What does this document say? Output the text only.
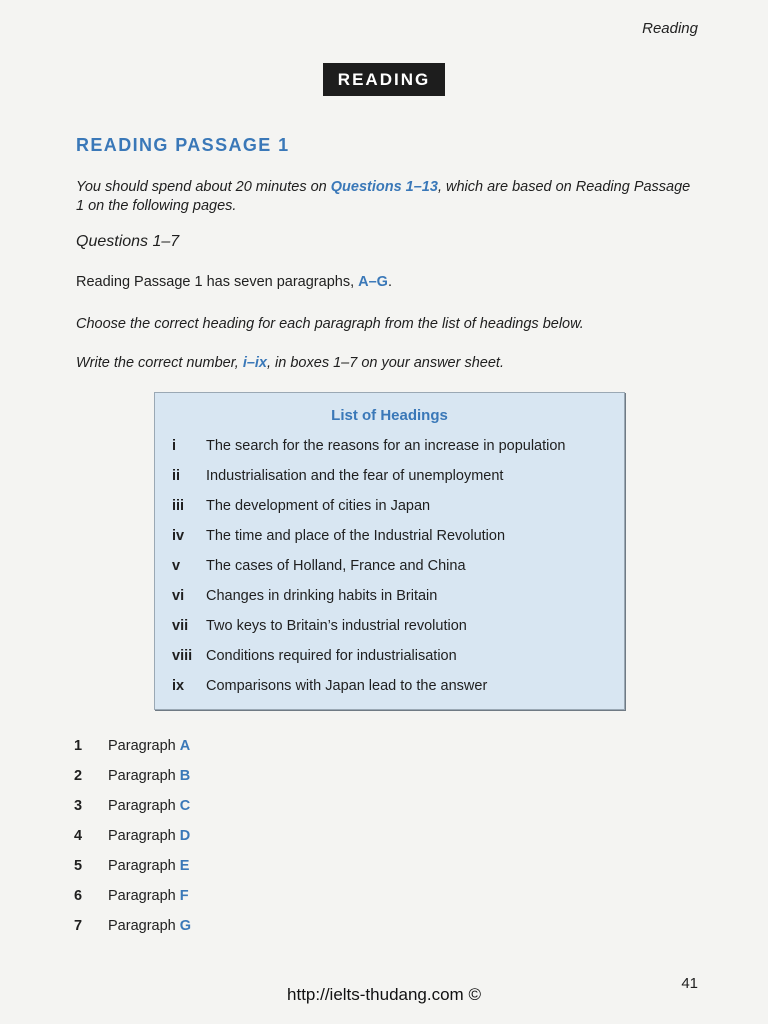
Reading
READING
READING PASSAGE 1
You should spend about 20 minutes on Questions 1–13, which are based on Reading Passage 1 on the following pages.
Questions 1–7
Reading Passage 1 has seven paragraphs, A–G.
Choose the correct heading for each paragraph from the list of headings below.
Write the correct number, i–ix, in boxes 1–7 on your answer sheet.
List of Headings
i	The search for the reasons for an increase in population
ii	Industrialisation and the fear of unemployment
iii	The development of cities in Japan
iv	The time and place of the Industrial Revolution
v	The cases of Holland, France and China
vi	Changes in drinking habits in Britain
vii	Two keys to Britain’s industrial revolution
viii Conditions required for industrialisation
ix	Comparisons with Japan lead to the answer
1 Paragraph A
2 Paragraph B
3 Paragraph C
4 Paragraph D
5 Paragraph E
6 Paragraph F
7 Paragraph G
41
http://ielts-thudang.com ©
